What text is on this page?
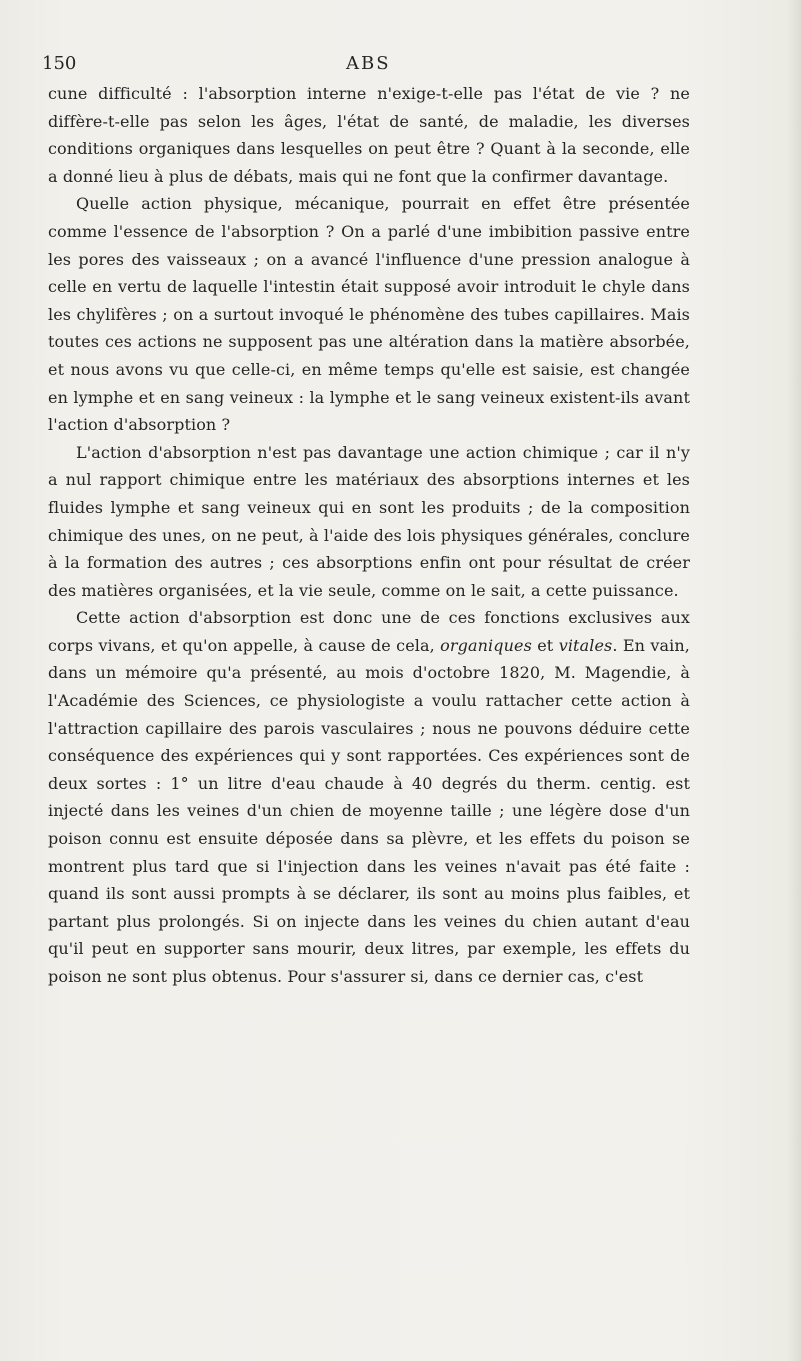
150	ABS

cune difficulté : l'absorption interne n'exige-t-elle pas l'état de vie ? ne diffère-t-elle pas selon les âges, l'état de santé, de maladie, les diverses conditions organiques dans lesquelles on peut être ? Quant à la seconde, elle a donné lieu à plus de débats, mais qui ne font que la confirmer davantage.

Quelle action physique, mécanique, pourrait en effet être présentée comme l'essence de l'absorption ? On a parlé d'une imbibition passive entre les pores des vaisseaux ; on a avancé l'influence d'une pression analogue à celle en vertu de laquelle l'intestin était supposé avoir introduit le chyle dans les chylifères ; on a surtout invoqué le phénomène des tubes capillaires. Mais toutes ces actions ne supposent pas une altération dans la matière absorbée, et nous avons vu que celle-ci, en même temps qu'elle est saisie, est changée en lymphe et en sang veineux : la lymphe et le sang veineux existent-ils avant l'action d'absorption ?

L'action d'absorption n'est pas davantage une action chimique ; car il n'y a nul rapport chimique entre les matériaux des absorptions internes et les fluides lymphe et sang veineux qui en sont les produits ; de la composition chimique des unes, on ne peut, à l'aide des lois physiques générales, conclure à la formation des autres ; ces absorptions enfin ont pour résultat de créer des matières organisées, et la vie seule, comme on le sait, a cette puissance.

Cette action d'absorption est donc une de ces fonctions exclusives aux corps vivans, et qu'on appelle, à cause de cela, organiques et vitales. En vain, dans un mémoire qu'a présenté, au mois d'octobre 1820, M. Magendie, à l'Académie des Sciences, ce physiologiste a voulu rattacher cette action à l'attraction capillaire des parois vasculaires ; nous ne pouvons déduire cette conséquence des expériences qui y sont rapportées. Ces expériences sont de deux sortes : 1° un litre d'eau chaude à 40 degrés du therm. centig. est injecté dans les veines d'un chien de moyenne taille ; une légère dose d'un poison connu est ensuite déposée dans sa plèvre, et les effets du poison se montrent plus tard que si l'injection dans les veines n'avait pas été faite : quand ils sont aussi prompts à se déclarer, ils sont au moins plus faibles, et partant plus prolongés. Si on injecte dans les veines du chien autant d'eau qu'il peut en supporter sans mourir, deux litres, par exemple, les effets du poison ne sont plus obtenus. Pour s'assurer si, dans ce dernier cas, c'est
